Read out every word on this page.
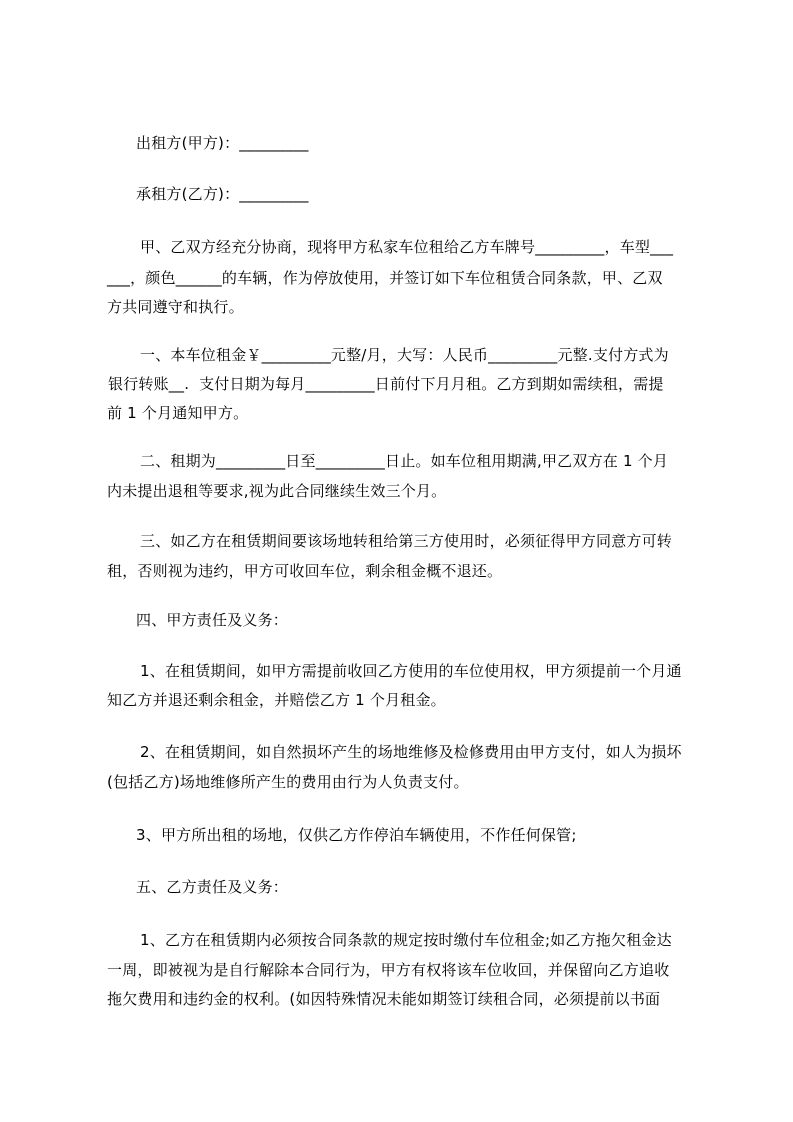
出租方(甲方)：_________
承租方(乙方)：_________
甲、乙双方经充分协商，现将甲方私家车位租给乙方车牌号_________，车型___
___，颜色______的车辆，作为停放使用，并签订如下车位租赁合同条款，甲、乙双
方共同遵守和执行。
一、本车位租金￥_________元整/月，大写：人民币_________元整.支付方式为
银行转账__.  支付日期为每月_________日前付下月月租。乙方到期如需续租，需提
前 1 个月通知甲方。
二、租期为_________日至_________日止。如车位租用期满,甲乙双方在 1 个月
内未提出退租等要求,视为此合同继续生效三个月。
三、如乙方在租赁期间要该场地转租给第三方使用时，必须征得甲方同意方可转
租，否则视为违约，甲方可收回车位，剩余租金概不退还。
四、甲方责任及义务：
1、在租赁期间，如甲方需提前收回乙方使用的车位使用权，甲方须提前一个月通
知乙方并退还剩余租金，并赔偿乙方 1 个月租金。
2、在租赁期间，如自然损坏产生的场地维修及检修费用由甲方支付，如人为损坏
(包括乙方)场地维修所产生的费用由行为人负责支付。
3、甲方所出租的场地，仅供乙方作停泊车辆使用，不作任何保管;
五、乙方责任及义务：
1、乙方在租赁期内必须按合同条款的规定按时缴付车位租金;如乙方拖欠租金达
一周，即被视为是自行解除本合同行为，甲方有权将该车位收回，并保留向乙方追收
拖欠费用和违约金的权利。(如因特殊情况未能如期签订续租合同，必须提前以书面
